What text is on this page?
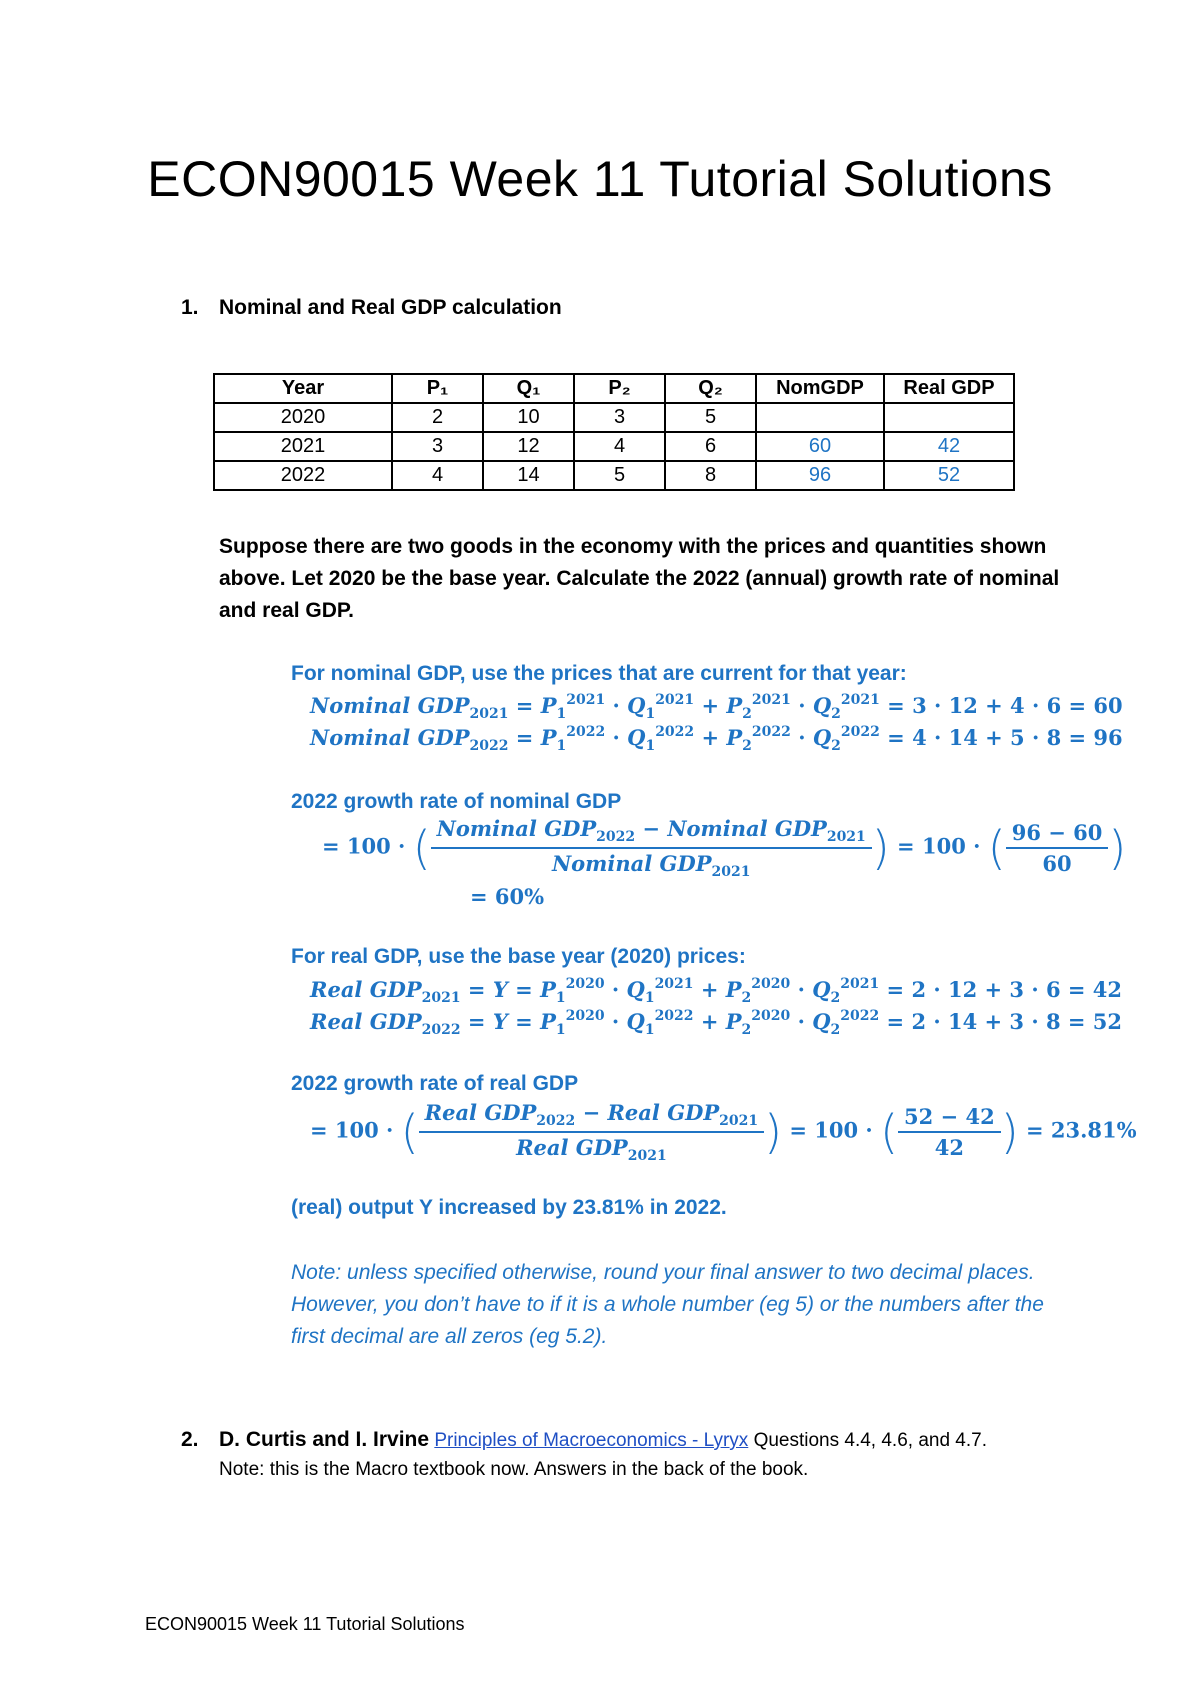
ECON90015 Week 11 Tutorial Solutions
1. Nominal and Real GDP calculation
Year	P₁	Q₁	P₂	Q₂	NomGDP	Real GDP
2020	2	10	3	5		
2021	3	12	4	6	60	42
2022	4	14	5	8	96	52
Suppose there are two goods in the economy with the prices and quantities shown above. Let 2020 be the base year. Calculate the 2022 (annual) growth rate of nominal and real GDP.
For nominal GDP, use the prices that are current for that year:
Nominal $GDP_{2021} = P_1^{2021} \cdot Q_1^{2021} + P_2^{2021} \cdot Q_2^{2021} = 3 \cdot 12 + 4 \cdot 6 = 60$
Nominal $GDP_{2022} = P_1^{2022} \cdot Q_1^{2022} + P_2^{2022} \cdot Q_2^{2022} = 4 \cdot 14 + 5 \cdot 8 = 96$
2022 growth rate of nominal GDP
= 100 · ( $\frac{Nominal GDP_{2022} - Nominal GDP_{2021}}{Nominal GDP_{2021}}$ ) = 100 · ( $\frac{96 - 60}{60}$ )
= 60%
For real GDP, use the base year (2020) prices:
Real $GDP_{2021} = Y = P_1^{2020} \cdot Q_1^{2021} + P_2^{2020} \cdot Q_2^{2021} = 2 \cdot 12 + 3 \cdot 6 = 42$
Real $GDP_{2022} = Y = P_1^{2020} \cdot Q_1^{2022} + P_2^{2020} \cdot Q_2^{2022} = 2 \cdot 14 + 3 \cdot 8 = 52$
2022 growth rate of real GDP
= 100 · ( $\frac{Real GDP_{2022} - Real GDP_{2021}}{Real GDP_{2021}}$ ) = 100 · ( $\frac{52 - 42}{42}$ ) = 23.81%
(real) output Y increased by 23.81% in 2022.
Note: unless specified otherwise, round your final answer to two decimal places. However, you don’t have to if it is a whole number (eg 5) or the numbers after the first decimal are all zeros (eg 5.2).
2. D. Curtis and I. Irvine Principles of Macroeconomics - Lyryx Questions 4.4, 4.6, and 4.7.
Note: this is the Macro textbook now. Answers in the back of the book.
ECON90015 Week 11 Tutorial Solutions
